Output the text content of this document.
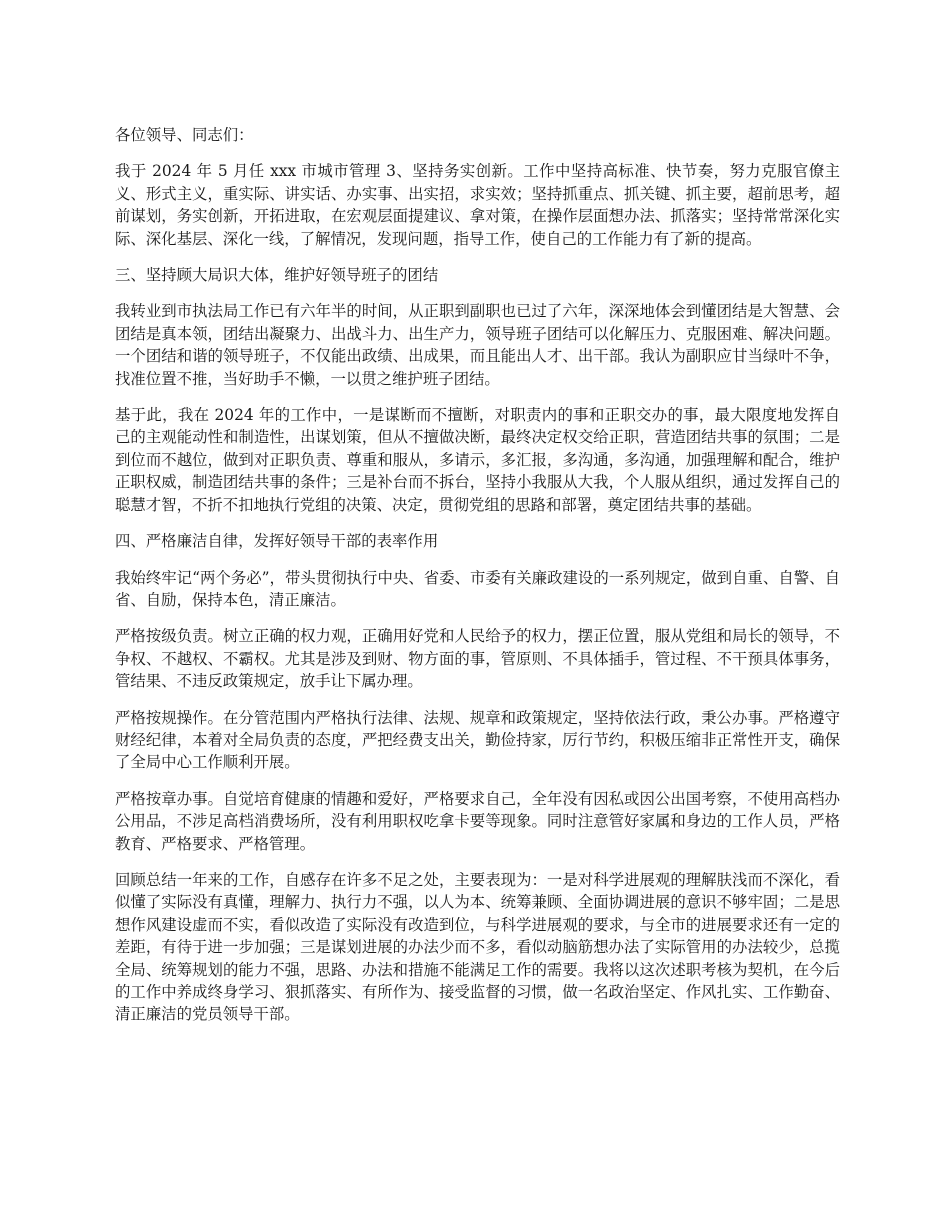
各位领导、同志们：

我于 2024 年 5 月任 xxx 市城市管理 3、坚持务实创新。工作中坚持高标准、快节奏，努力克服官僚主义、形式主义，重实际、讲实话、办实事、出实招，求实效；坚持抓重点、抓关键、抓主要，超前思考，超前谋划，务实创新，开拓进取，在宏观层面提建议、拿对策，在操作层面想办法、抓落实；坚持常常深化实际、深化基层、深化一线，了解情况，发现问题，指导工作，使自己的工作能力有了新的提高。

三、坚持顾大局识大体，维护好领导班子的团结

我转业到市执法局工作已有六年半的时间，从正职到副职也已过了六年，深深地体会到懂团结是大智慧、会团结是真本领，团结出凝聚力、出战斗力、出生产力，领导班子团结可以化解压力、克服困难、解决问题。一个团结和谐的领导班子，不仅能出政绩、出成果，而且能出人才、出干部。我认为副职应甘当绿叶不争，找准位置不推，当好助手不懒，一以贯之维护班子团结。

基于此，我在 2024 年的工作中，一是谋断而不擅断，对职责内的事和正职交办的事，最大限度地发挥自己的主观能动性和制造性，出谋划策，但从不擅做决断，最终决定权交给正职，营造团结共事的氛围；二是到位而不越位，做到对正职负责、尊重和服从，多请示，多汇报，多沟通，多沟通，加强理解和配合，维护正职权威，制造团结共事的条件；三是补台而不拆台，坚持小我服从大我，个人服从组织，通过发挥自己的聪慧才智，不折不扣地执行党组的决策、决定，贯彻党组的思路和部署，奠定团结共事的基础。

四、严格廉洁自律，发挥好领导干部的表率作用

我始终牢记“两个务必”，带头贯彻执行中央、省委、市委有关廉政建设的一系列规定，做到自重、自警、自省、自励，保持本色，清正廉洁。

严格按级负责。树立正确的权力观，正确用好党和人民给予的权力，摆正位置，服从党组和局长的领导，不争权、不越权、不霸权。尤其是涉及到财、物方面的事，管原则、不具体插手，管过程、不干预具体事务，管结果、不违反政策规定，放手让下属办理。

严格按规操作。在分管范围内严格执行法律、法规、规章和政策规定，坚持依法行政，秉公办事。严格遵守财经纪律，本着对全局负责的态度，严把经费支出关，勤俭持家，厉行节约，积极压缩非正常性开支，确保了全局中心工作顺利开展。

严格按章办事。自觉培育健康的情趣和爱好，严格要求自己，全年没有因私或因公出国考察，不使用高档办公用品，不涉足高档消费场所，没有利用职权吃拿卡要等现象。同时注意管好家属和身边的工作人员，严格教育、严格要求、严格管理。

回顾总结一年来的工作，自感存在许多不足之处，主要表现为：一是对科学进展观的理解肤浅而不深化，看似懂了实际没有真懂，理解力、执行力不强，以人为本、统筹兼顾、全面协调进展的意识不够牢固；二是思想作风建设虚而不实，看似改造了实际没有改造到位，与科学进展观的要求，与全市的进展要求还有一定的差距，有待于进一步加强；三是谋划进展的办法少而不多，看似动脑筋想办法了实际管用的办法较少，总揽全局、统筹规划的能力不强，思路、办法和措施不能满足工作的需要。我将以这次述职考核为契机，在今后的工作中养成终身学习、狠抓落实、有所作为、接受监督的习惯，做一名政治坚定、作风扎实、工作勤奋、清正廉洁的党员领导干部。
